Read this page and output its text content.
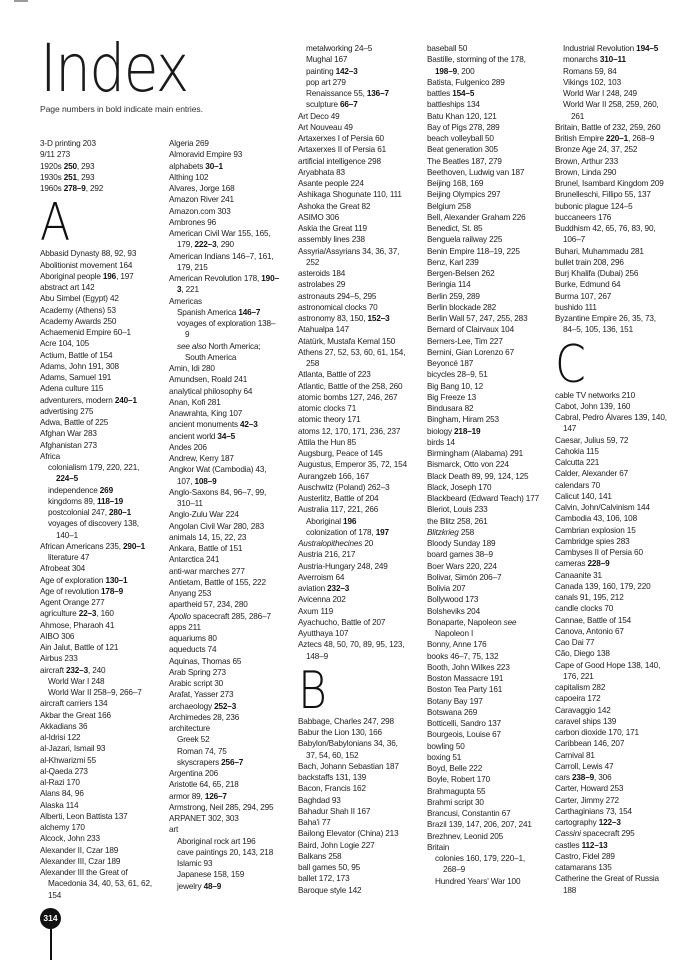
Index
Page numbers in bold indicate main entries.
3-D printing 203
9/11 273
1920s 250, 293
1930s 251, 293
1960s 278–9, 292
A
Abbasid Dynasty 88, 92, 93
Abolitionist movement 164
Aboriginal people 196, 197
abstract art 142
Abu Simbel (Egypt) 42
Academy (Athens) 53
Academy Awards 250
Achaemenid Empire 60–1
Acre 104, 105
Actium, Battle of 154
Adams, John 191, 308
Adams, Samuel 191
Adena culture 115
adventurers, modern 240–1
advertising 275
Adwa, Battle of 225
Afghan War 283
Afghanistan 273
Africa
colonialism 179, 220, 221,
224–5
independence 269
kingdoms 89, 118–19
postcolonial 247, 280–1
voyages of discovery 138,
140–1
African Americans 235, 290–1
literature 47
Afrobeat 304
Age of exploration 130–1
Age of revolution 178–9
Agent Orange 277
agriculture 22–3, 160
Ahmose, Pharaoh 41
AIBO 306
Ain Jalut, Battle of 121
Airbus 233
aircraft 232–3, 240
World War I 248
World War II 258–9, 266–7
aircraft carriers 134
Akbar the Great 166
Akkadians 36
al-Idrisi 122
al-Jazari, Ismail 93
al-Khwarizmi 55
al-Qaeda 273
al-Razi 170
Alans 84, 96
Alaska 114
Alberti, Leon Battista 137
alchemy 170
Alcock, John 233
Alexander II, Czar 189
Alexander III, Czar 189
Alexander III the Great of
Macedonia 34, 40, 53, 61, 62,
154
Algeria 269
Almoravid Empire 93
alphabets 30–1
Althing 102
Alvares, Jorge 168
Amazon River 241
Amazon.com 303
Ambrones 96
American Civil War 155, 165,
179, 222–3, 290
American Indians 146–7, 161,
179, 215
American Revolution 178, 190–
3, 221
Americas
Spanish America 146–7
voyages of exploration 138–
9
see also North America;
South America
Amin, Idi 280
Amundsen, Roald 241
analytical philosophy 64
Anan, Kofi 281
Anawrahta, King 107
ancient monuments 42–3
ancient world 34–5
Andes 206
Andrew, Kerry 187
Angkor Wat (Cambodia) 43,
107, 108–9
Anglo-Saxons 84, 96–7, 99,
310–11
Anglo-Zulu War 224
Angolan Civil War 280, 283
animals 14, 15, 22, 23
Ankara, Battle of 151
Antarctica 241
anti-war marches 277
Antietam, Battle of 155, 222
Anyang 253
apartheid 57, 234, 280
Apollo spacecraft 285, 286–7
apps 211
aquariums 80
aqueducts 74
Aquinas, Thomas 65
Arab Spring 273
Arabic script 30
Arafat, Yasser 273
archaeology 252–3
Archimedes 28, 236
architecture
Greek 52
Roman 74, 75
skyscrapers 256–7
Argentina 206
Aristotle 64, 65, 218
armor 89, 126–7
Armstrong, Neil 285, 294, 295
ARPANET 302, 303
art
Aboriginal rock art 196
cave paintings 20, 143, 218
Islamic 93
Japanese 158, 159
jewelry 48–9
metalworking 24–5
Mughal 167
painting 142–3
pop art 279
Renaissance 55, 136–7
sculpture 66–7
Art Deco 49
Art Nouveau 49
Artaxerxes I of Persia 60
Artaxerxes II of Persia 61
artificial intelligence 298
Aryabhata 83
Asante people 224
Ashikaga Shogunate 110, 111
Ashoka the Great 82
ASIMO 306
Askia the Great 119
assembly lines 238
Assyria/Assyrians 34, 36, 37,
252
asteroids 184
astrolabes 29
astronauts 294–5, 295
astronomical clocks 70
astronomy 83, 150, 152–3
Atahualpa 147
Atatürk, Mustafa Kemal 150
Athens 27, 52, 53, 60, 61, 154,
258
Atlanta, Battle of 223
Atlantic, Battle of the 258, 260
atomic bombs 127, 246, 267
atomic clocks 71
atomic theory 171
atoms 12, 170, 171, 236, 237
Attila the Hun 85
Augsburg, Peace of 145
Augustus, Emperor 35, 72, 154
Aurangzeb 166, 167
Auschwitz (Poland) 262–3
Austerlitz, Battle of 204
Australia 117, 221, 266
Aboriginal 196
colonization of 178, 197
Australopithecines 20
Austria 216, 217
Austria-Hungary 248, 249
Averroism 64
aviation 232–3
Avicenna 202
Axum 119
Ayachucho, Battle of 207
Ayutthaya 107
Aztecs 48, 50, 70, 89, 95, 123,
148–9
B
Babbage, Charles 247, 298
Babur the Lion 130, 166
Babylon/Babylonians 34, 36,
37, 54, 60, 152
Bach, Johann Sebastian 187
backstaffs 131, 139
Bacon, Francis 162
Baghdad 93
Bahadur Shah II 167
Baha'i 77
Bailong Elevator (China) 213
Baird, John Logie 227
Balkans 258
ball games 50, 95
ballet 172, 173
Baroque style 142
baseball 50
Bastille, storming of the 178,
198–9, 200
Batista, Fulgenico 289
battles 154–5
battleships 134
Batu Khan 120, 121
Bay of Pigs 278, 289
beach volleyball 50
Beat generation 305
The Beatles 187, 279
Beethoven, Ludwig van 187
Beijing 168, 169
Beijing Olympics 297
Belgium 258
Bell, Alexander Graham 226
Benedict, St. 85
Benguela railway 225
Benin Empire 118–19, 225
Benz, Karl 239
Bergen-Belsen 262
Beringia 114
Berlin 259, 289
Berlin blockade 282
Berlin Wall 57, 247, 255, 283
Bernard of Clairvaux 104
Berners-Lee, Tim 227
Bernini, Gian Lorenzo 67
Beyoncé 187
bicycles 28–9, 51
Big Bang 10, 12
Big Freeze 13
Bindusara 82
Bingham, Hiram 253
biology 218–19
birds 14
Birmingham (Alabama) 291
Bismarck, Otto von 224
Black Death 89, 99, 124, 125
Black, Joseph 170
Blackbeard (Edward Teach) 177
Bleriot, Louis 233
the Blitz 258, 261
Blitzkrieg 258
Bloody Sunday 189
board games 38–9
Boer Wars 220, 224
Bolivar, Simón 206–7
Bolivia 207
Bollywood 173
Bolsheviks 204
Bonaparte, Napoleon see
Napoleon I
Bonny, Anne 176
books 46–7, 75, 132
Booth, John Wilkes 223
Boston Massacre 191
Boston Tea Party 161
Botany Bay 197
Botswana 269
Botticelli, Sandro 137
Bourgeois, Louise 67
bowling 50
boxing 51
Boyd, Belle 222
Boyle, Robert 170
Brahmagupta 55
Brahmi script 30
Brancusi, Constantin 67
Brazil 139, 147, 206, 207, 241
Brezhnev, Leonid 205
Britain
colonies 160, 179, 220–1,
268–9
Hundred Years' War 100
Industrial Revolution 194–5
monarchs 310–11
Romans 59, 84
Vikings 102, 103
World War I 248, 249
World War II 258, 259, 260,
261
Britain, Battle of 232, 259, 260
British Empire 220–1, 268–9
Bronze Age 24, 37, 252
Brown, Arthur 233
Brown, Linda 290
Brunel, Isambard Kingdom 209
Brunelleschi, Fillipo 55, 137
bubonic plague 124–5
buccaneers 176
Buddhism 42, 65, 76, 83, 90,
106–7
Buhari, Muhammadu 281
bullet train 208, 296
Burj Khalifa (Dubai) 256
Burke, Edmund 64
Burma 107, 267
bushido 111
Byzantine Empire 26, 35, 73,
84–5, 105, 136, 151
C
cable TV networks 210
Cabot, John 139, 160
Cabral, Pedro Álvares 139, 140,
147
Caesar, Julius 59, 72
Cahokia 115
Calcutta 221
Calder, Alexander 67
calendars 70
Calicut 140, 141
Calvin, John/Calvinism 144
Cambodia 43, 106, 108
Cambrian explosion 15
Cambridge spies 283
Cambyses II of Persia 60
cameras 228–9
Canaanite 31
Canada 139, 160, 179, 220
canals 91, 195, 212
candle clocks 70
Cannae, Battle of 154
Canova, Antonio 67
Cao Dai 77
Cão, Diego 138
Cape of Good Hope 138, 140,
176, 221
capitalism 282
capoeira 172
Caravaggio 142
caravel ships 139
carbon dioxide 170, 171
Caribbean 146, 207
Carnival 81
Carroll, Lewis 47
cars 238–9, 306
Carter, Howard 253
Carter, Jimmy 272
Carthaginians 73, 154
cartography 122–3
Cassini spacecraft 295
castles 112–13
Castro, Fidel 289
catamarans 135
Catherine the Great of Russia
188
314
